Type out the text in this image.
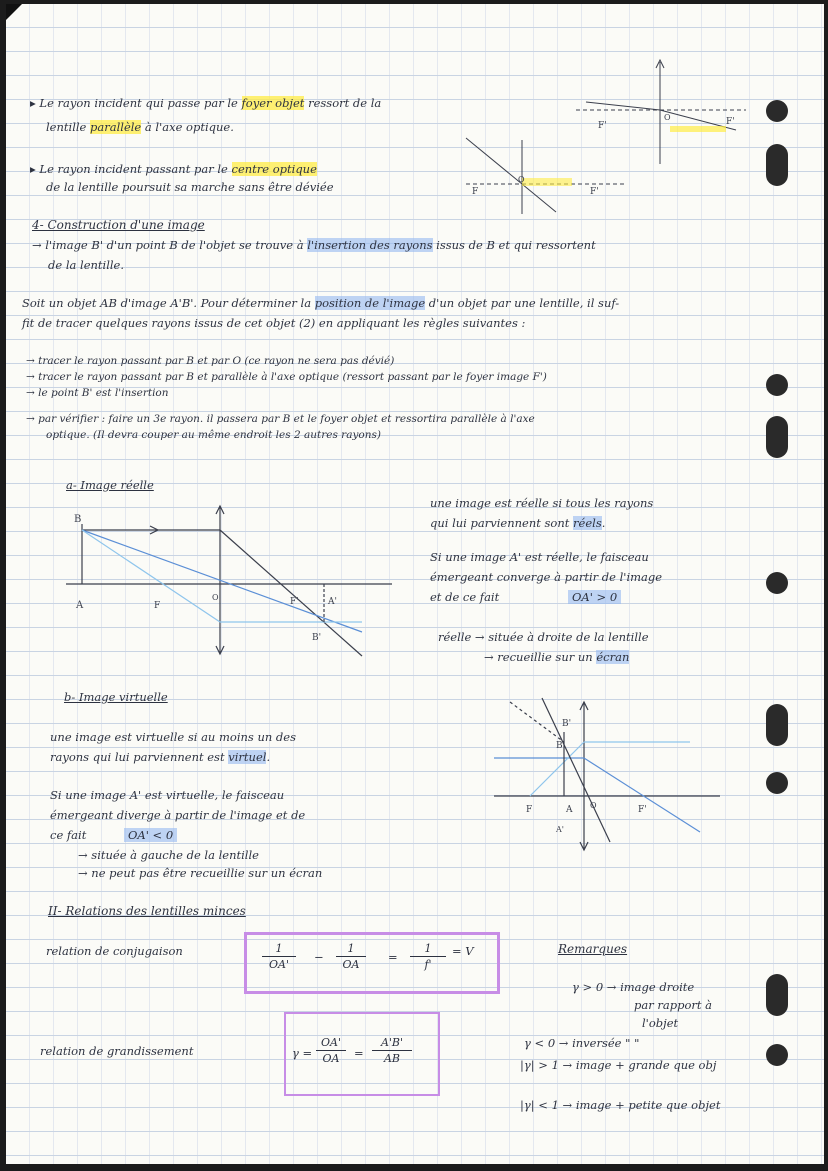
▸ Le rayon incident qui passe par le foyer objet ressort de la
lentille parallèle à l'axe optique.
▸ Le rayon incident passant par le centre optique
de la lentille poursuit sa marche sans être déviée
F'	F'
O
F
O
F'
4- Construction d'une image
→ l'image B' d'un point B de l'objet se trouve à l'insertion des rayons issus de B et qui ressortent
de la lentille.
Soit un objet AB d'image A'B'. Pour déterminer la position de l'image d'un objet par une lentille, il suf-
fit de tracer quelques rayons issus de cet objet (2) en appliquant les règles suivantes :
→ tracer le rayon passant par B et par O (ce rayon ne sera pas dévié)
→ tracer le rayon passant par B et parallèle à l'axe optique (ressort passant par le foyer image F')
→ le point B' est l'insertion
→ par vérifier : faire un 3e rayon. il passera par B et le foyer objet et ressortira parallèle à l'axe
optique. (Il devra couper au même endroit les 2 autres rayons)
a- Image réelle
B
A	F
O	F'	A'
B'
une image est réelle si tous les rayons
qui lui parviennent sont réels.
Si une image A' est réelle, le faisceau
émergeant converge à partir de l'image
et de ce fait	OA' > 0
réelle → située à droite de la lentille
→ recueillie sur un écran
b- Image virtuelle
une image est virtuelle si au moins un des
rayons qui lui parviennent est virtuel.
Si une image A' est virtuelle, le faisceau
émergeant diverge à partir de l'image et de
ce fait	OA' < 0
→ située à gauche de la lentille
→ ne peut pas être recueillie sur un écran
B'
B
F	A O
A'
F'
II- Relations des lentilles minces
relation de conjugaison	1
OA'
−
1
OA
=
1
f'
= V
relation de grandissement	γ =
OA'
OA	=
A'B'
AB
Remarques
γ > 0 → image droite
par rapport à
l'objet
γ < 0 → inversée " "
|γ| > 1 → image + grande que obj
|γ| < 1 → image + petite que objet
